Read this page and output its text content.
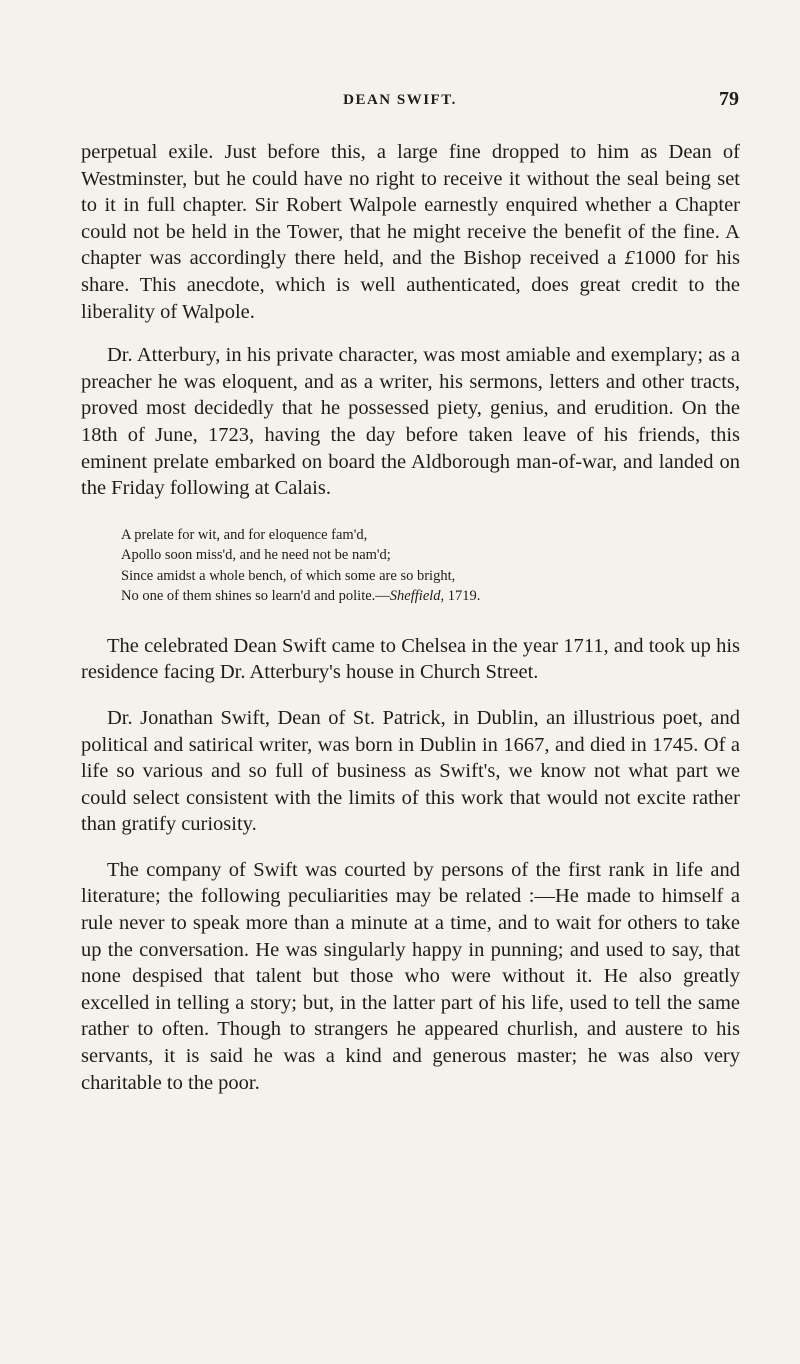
DEAN SWIFT.	79

perpetual exile. Just before this, a large fine dropped to him as Dean of Westminster, but he could have no right to receive it without the seal being set to it in full chapter. Sir Robert Walpole earnestly enquired whether a Chapter could not be held in the Tower, that he might receive the benefit of the fine. A chapter was accordingly there held, and the Bishop received a £1000 for his share. This anecdote, which is well authenticated, does great credit to the liberality of Walpole.

Dr. Atterbury, in his private character, was most amiable and exemplary; as a preacher he was eloquent, and as a writer, his sermons, letters and other tracts, proved most decidedly that he possessed piety, genius, and erudition. On the 18th of June, 1723, having the day before taken leave of his friends, this eminent prelate embarked on board the Aldborough man-of-war, and landed on the Friday following at Calais.

A prelate for wit, and for eloquence fam'd,
Apollo soon miss'd, and he need not be nam'd;
Since amidst a whole bench, of which some are so bright,
No one of them shines so learn'd and polite.—Sheffield, 1719.

The celebrated Dean Swift came to Chelsea in the year 1711, and took up his residence facing Dr. Atterbury's house in Church Street.

Dr. Jonathan Swift, Dean of St. Patrick, in Dublin, an illustrious poet, and political and satirical writer, was born in Dublin in 1667, and died in 1745. Of a life so various and so full of business as Swift's, we know not what part we could select consistent with the limits of this work that would not excite rather than gratify curiosity.

The company of Swift was courted by persons of the first rank in life and literature; the following peculiarities may be related :—He made to himself a rule never to speak more than a minute at a time, and to wait for others to take up the conversation. He was singularly happy in punning; and used to say, that none despised that talent but those who were without it. He also greatly excelled in telling a story; but, in the latter part of his life, used to tell the same rather to often. Though to strangers he appeared churlish, and austere to his servants, it is said he was a kind and generous master; he was also very charitable to the poor.
